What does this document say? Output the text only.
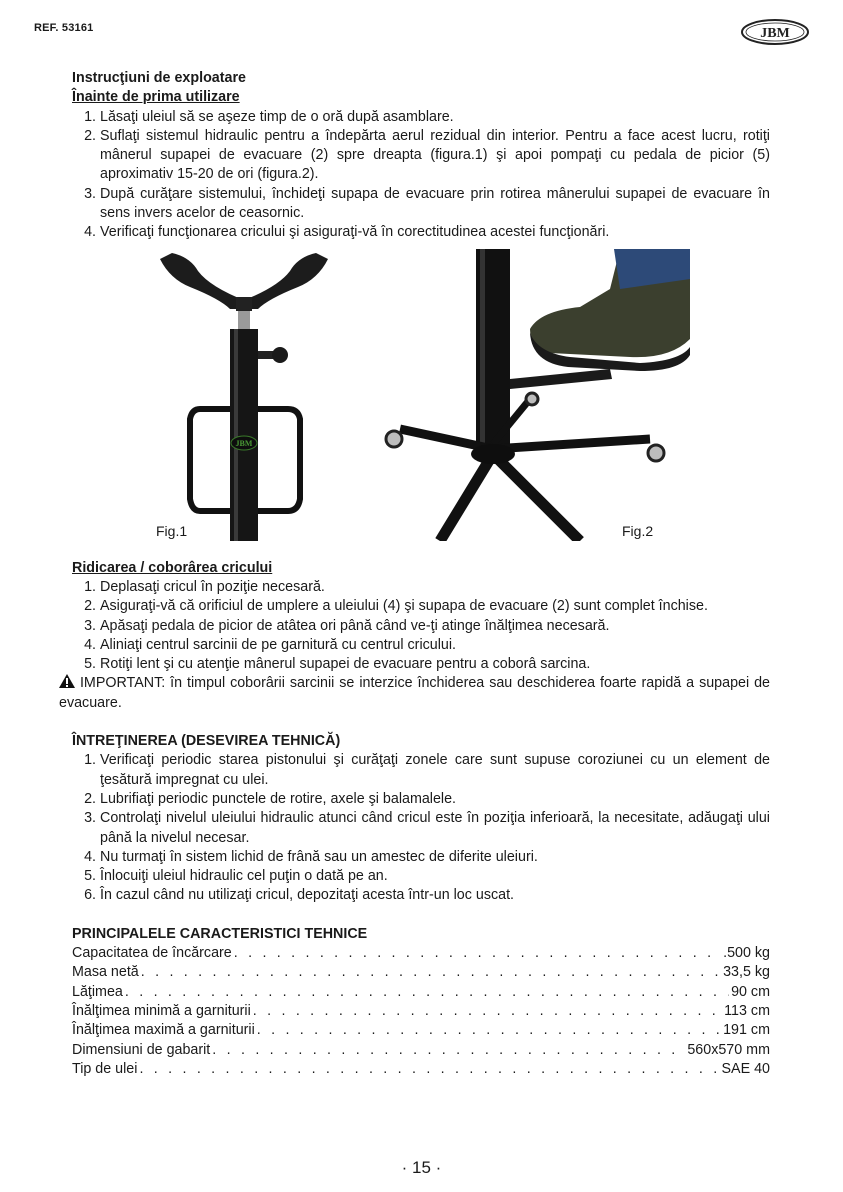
REF. 53161	JBM

Instrucţiuni de exploatare

Înainte de prima utilizare

1. Lăsaţi uleiul să se aşeze timp de o oră după asamblare.
2. Suflaţi sistemul hidraulic pentru a îndepărta aerul rezidual din interior. Pentru a face acest lucru, rotiţi mânerul supapei de evacuare (2) spre dreapta (figura.1) şi apoi pompaţi cu pedala de picior (5) aproximativ 15-20 de ori (figura.2).
3. După curăţare sistemului, închideţi supapa de evacuare prin rotirea mânerului supapei de evacuare în sens invers acelor de ceasornic.
4. Verificaţi funcţionarea cricului şi asiguraţi-vă în corectitudinea acestei funcţionări.
JBM
Fig.1	Fig.2

Ridicarea / coborârea cricului

1. Deplasaţi cricul în poziţie necesară.
2. Asiguraţi-vă că orificiul de umplere a uleiului (4) şi supapa de evacuare (2) sunt complet închise.
3. Apăsaţi pedala de picior de atâtea ori până când ve-ţi atinge înălţimea necesară.
4. Aliniaţi centrul sarcinii de pe garnitură cu centrul cricului.
5. Rotiţi lent şi cu atenţie mânerul supapei de evacuare pentru a coborâ sarcina.

IMPORTANT: în timpul coborârii sarcinii se interzice închiderea sau deschiderea foarte rapidă a supapei de evacuare.

ÎNTREŢINEREA (DESEVIREA TEHNICĂ)

1. Verificaţi periodic starea pistonului şi curăţaţi zonele care sunt supuse coroziunei cu un element de ţesătură impregnat cu ulei.
2. Lubrifiaţi periodic punctele de rotire, axele şi balamalele.
3. Controlaţi nivelul uleiului hidraulic atunci când cricul este în poziţia inferioară, la necesitate, adăugaţi ului până la nivelul necesar.
4. Nu turmaţi în sistem lichid de frână sau un amestec de diferite uleiuri.
5. Înlocuiţi uleiul hidraulic cel puţin o dată pe an.
6. În cazul când nu utilizaţi cricul, depozitaţi acesta într-un loc uscat.

PRINCIPALELE CARACTERISTICI TEHNICE

Capacitatea de încărcare . . .	.500 kg
Masa netă . . .	33,5 kg
Lăţimea . . .	90 cm
Înălţimea minimă a garniturii . . .	113 cm
Înălţimea maximă a garniturii . . .	191 cm
Dimensiuni de gabarit . . .	560x570 mm
Tip de ulei . . .	SAE 40
· 15 ·
